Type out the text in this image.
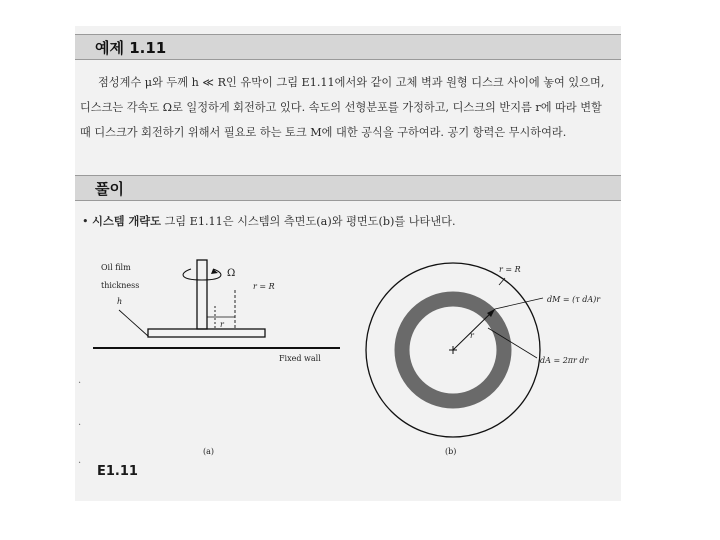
예제 1.11
점성계수 μ와 두께 h ≪ R인 유막이 그림 E1.11에서와 같이 고체 벽과 원형 디스크 사이에 놓여 있으며, 디스크는 각속도 Ω로 일정하게 회전하고 있다. 속도의 선형분포를 가정하고, 디스크의 반지름 r에 따라 변할 때 디스크가 회전하기 위해서 필요로 하는 토크 M에 대한 공식을 구하여라. 공기 항력은 무시하여라.
풀이
• 시스템 개략도 그림 E1.11은 시스템의 측면도(a)와 평면도(b)를 나타낸다.
Ω
r = R
r
Oil film
thickness
h
Fixed wall
(a)
r
dM = (τ dA)r
dA = 2πr dr
r = R
(b)
·
·
·
E1.11
